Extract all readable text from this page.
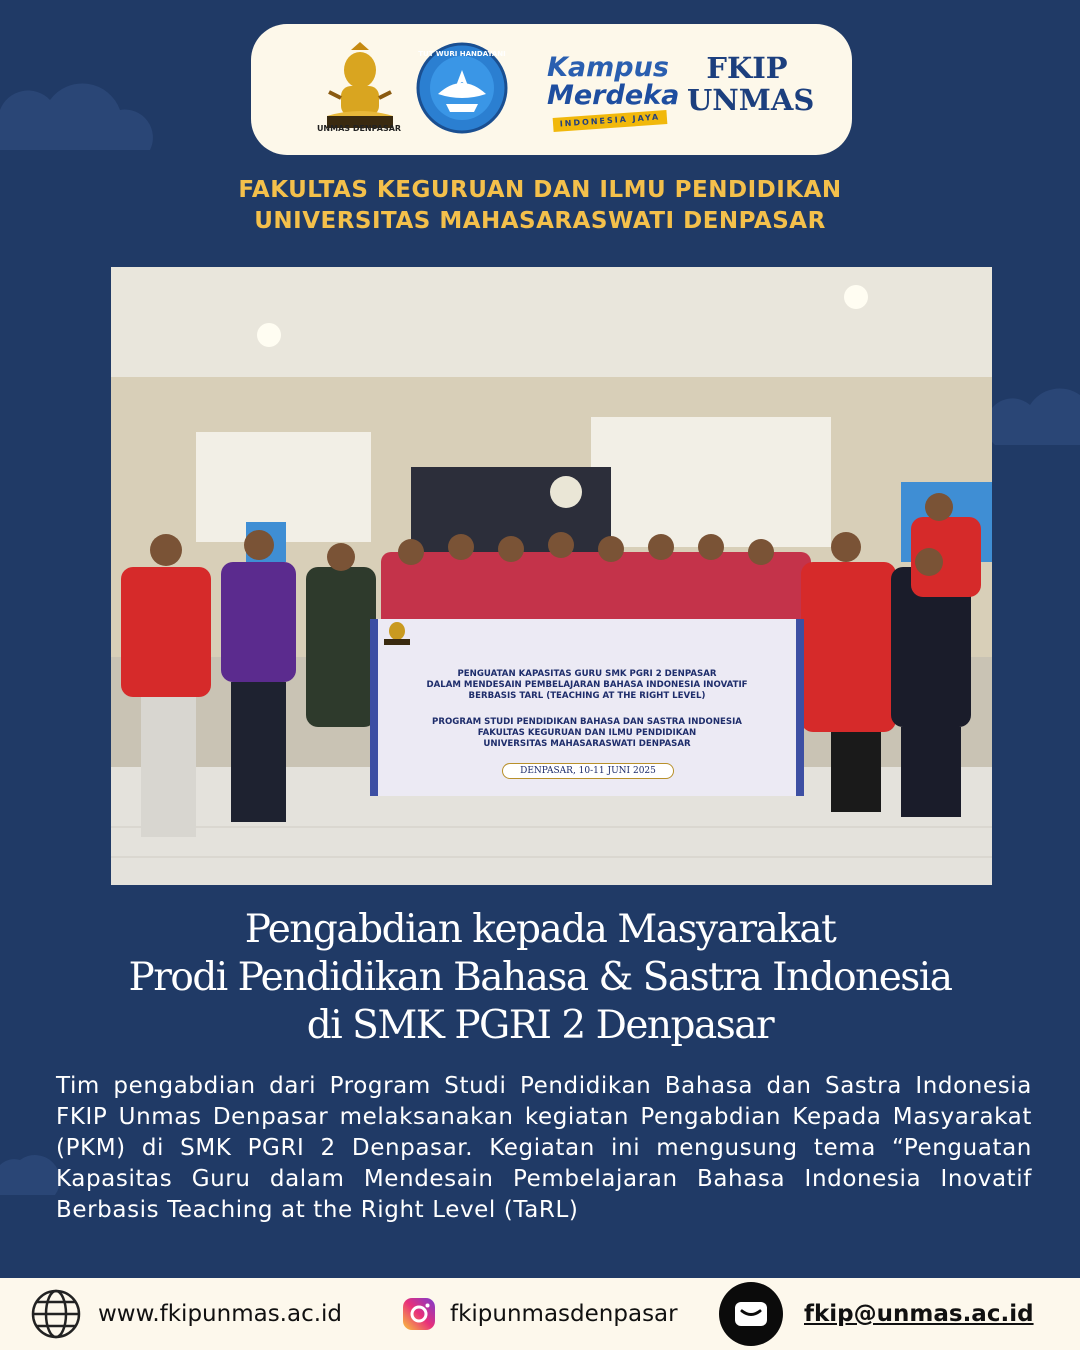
UNMAS DENPASAR
TUT WURI HANDAYANI Kampus
Merdeka
INDONESIA JAYA
FKIP
UNMAS
FAKULTAS KEGURUAN DAN ILMU PENDIDIKAN
UNIVERSITAS MAHASARASWATI DENPASAR
PENGUATAN KAPASITAS GURU SMK PGRI 2 DENPASAR
DALAM MENDESAIN PEMBELAJARAN BAHASA INDONESIA INOVATIF
BERBASIS TARL (TEACHING AT THE RIGHT LEVEL)
PROGRAM STUDI PENDIDIKAN BAHASA DAN SASTRA INDONESIA
FAKULTAS KEGURUAN DAN ILMU PENDIDIKAN
UNIVERSITAS MAHASARASWATI DENPASAR
DENPASAR, 10-11 JUNI 2025
Pengabdian kepada Masyarakat
Prodi Pendidikan Bahasa & Sastra Indonesia
di SMK PGRI 2 Denpasar
Tim pengabdian dari Program Studi Pendidikan Bahasa dan Sastra Indonesia FKIP Unmas Denpasar melaksanakan kegiatan Pengabdian Kepada Masyarakat (PKM) di SMK PGRI 2 Denpasar. Kegiatan ini mengusung tema “Penguatan Kapasitas Guru dalam Mendesain Pembelajaran Bahasa Indonesia Inovatif Berbasis Teaching at the Right Level (TaRL)
www.fkipunmas.ac.id	fkipunmasdenpasar	fkip@unmas.ac.id
